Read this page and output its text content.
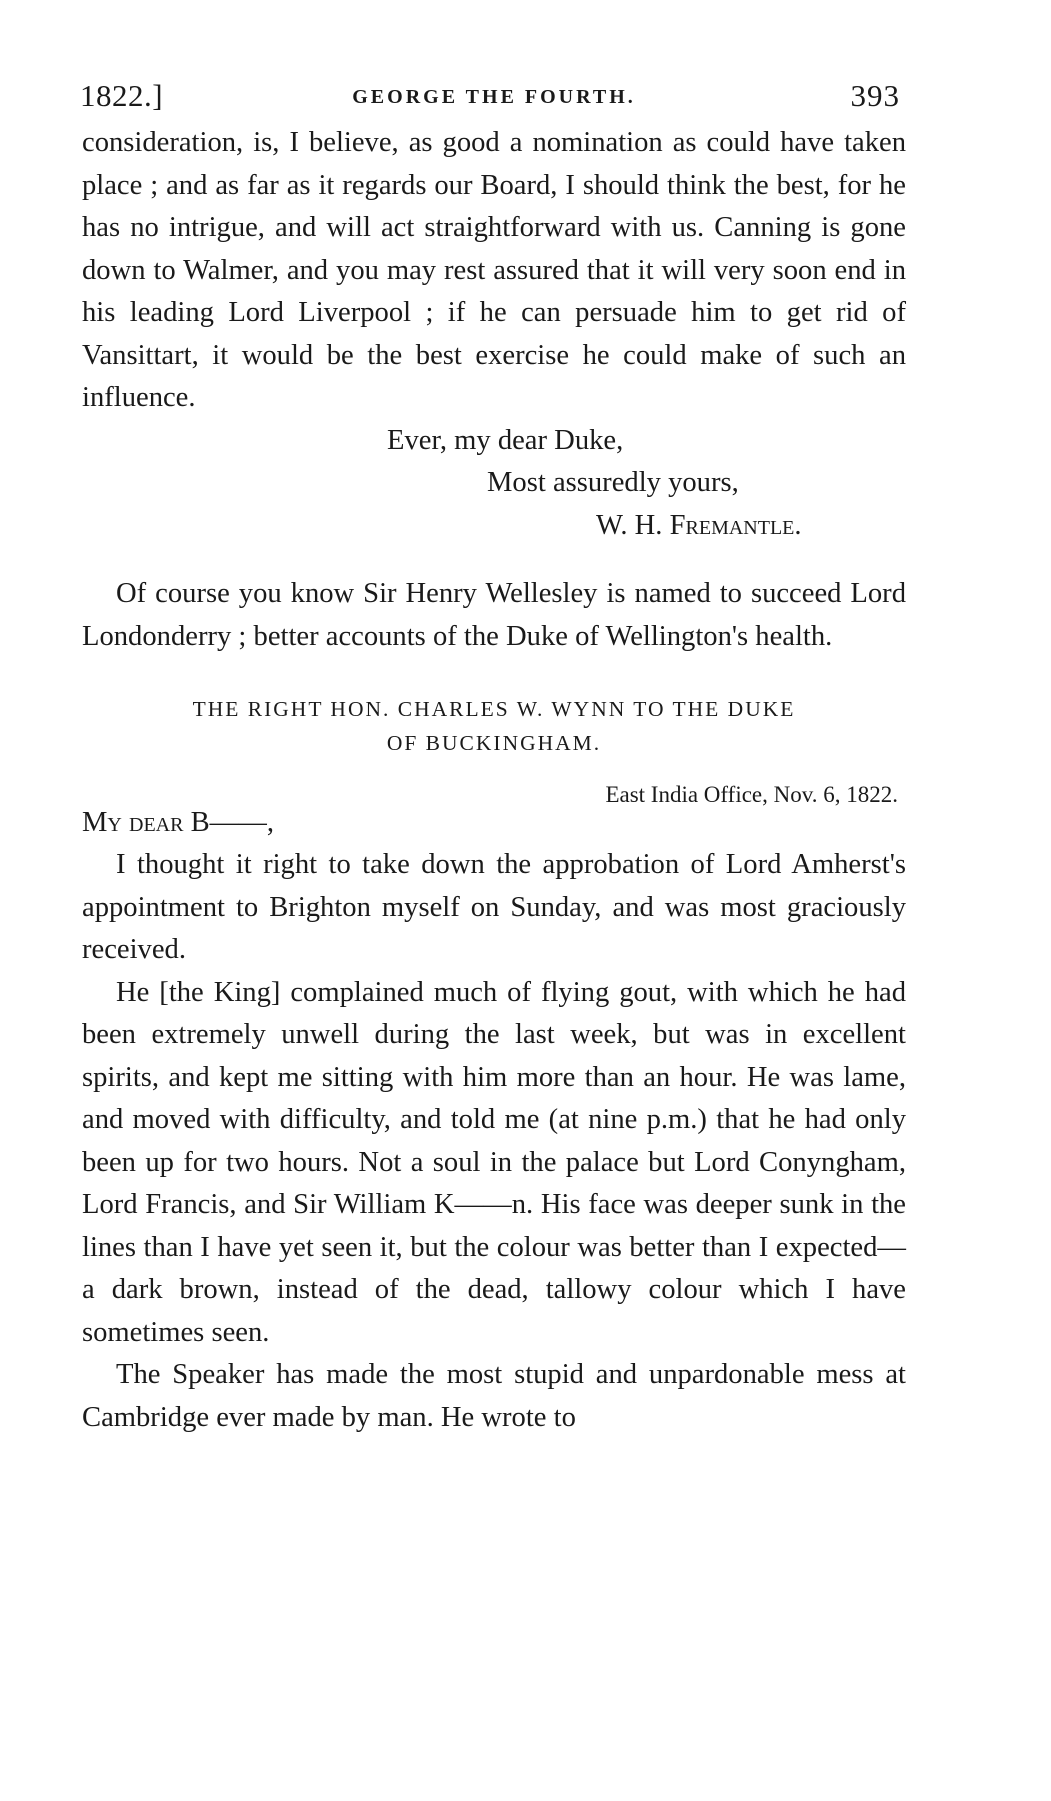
1822.]	GEORGE THE FOURTH.	393

consideration, is, I believe, as good a nomination as could have taken place ; and as far as it regards our Board, I should think the best, for he has no intrigue, and will act straightforward with us. Canning is gone down to Walmer, and you may rest assured that it will very soon end in his leading Lord Liverpool ; if he can persuade him to get rid of Vansittart, it would be the best exercise he could make of such an influence.

Ever, my dear Duke,
Most assuredly yours,
W. H. Fremantle.

Of course you know Sir Henry Wellesley is named to succeed Lord Londonderry ; better accounts of the Duke of Wellington's health.

THE RIGHT HON. CHARLES W. WYNN TO THE DUKE
OF BUCKINGHAM.
East India Office, Nov. 6, 1822.
My dear B——,

I thought it right to take down the approbation of Lord Amherst's appointment to Brighton myself on Sunday, and was most graciously received.

He [the King] complained much of flying gout, with which he had been extremely unwell during the last week, but was in excellent spirits, and kept me sitting with him more than an hour. He was lame, and moved with difficulty, and told me (at nine p.m.) that he had only been up for two hours. Not a soul in the palace but Lord Conyngham, Lord Francis, and Sir William K——n. His face was deeper sunk in the lines than I have yet seen it, but the colour was better than I expected—a dark brown, instead of the dead, tallowy colour which I have sometimes seen.

The Speaker has made the most stupid and unpardonable mess at Cambridge ever made by man. He wrote to
